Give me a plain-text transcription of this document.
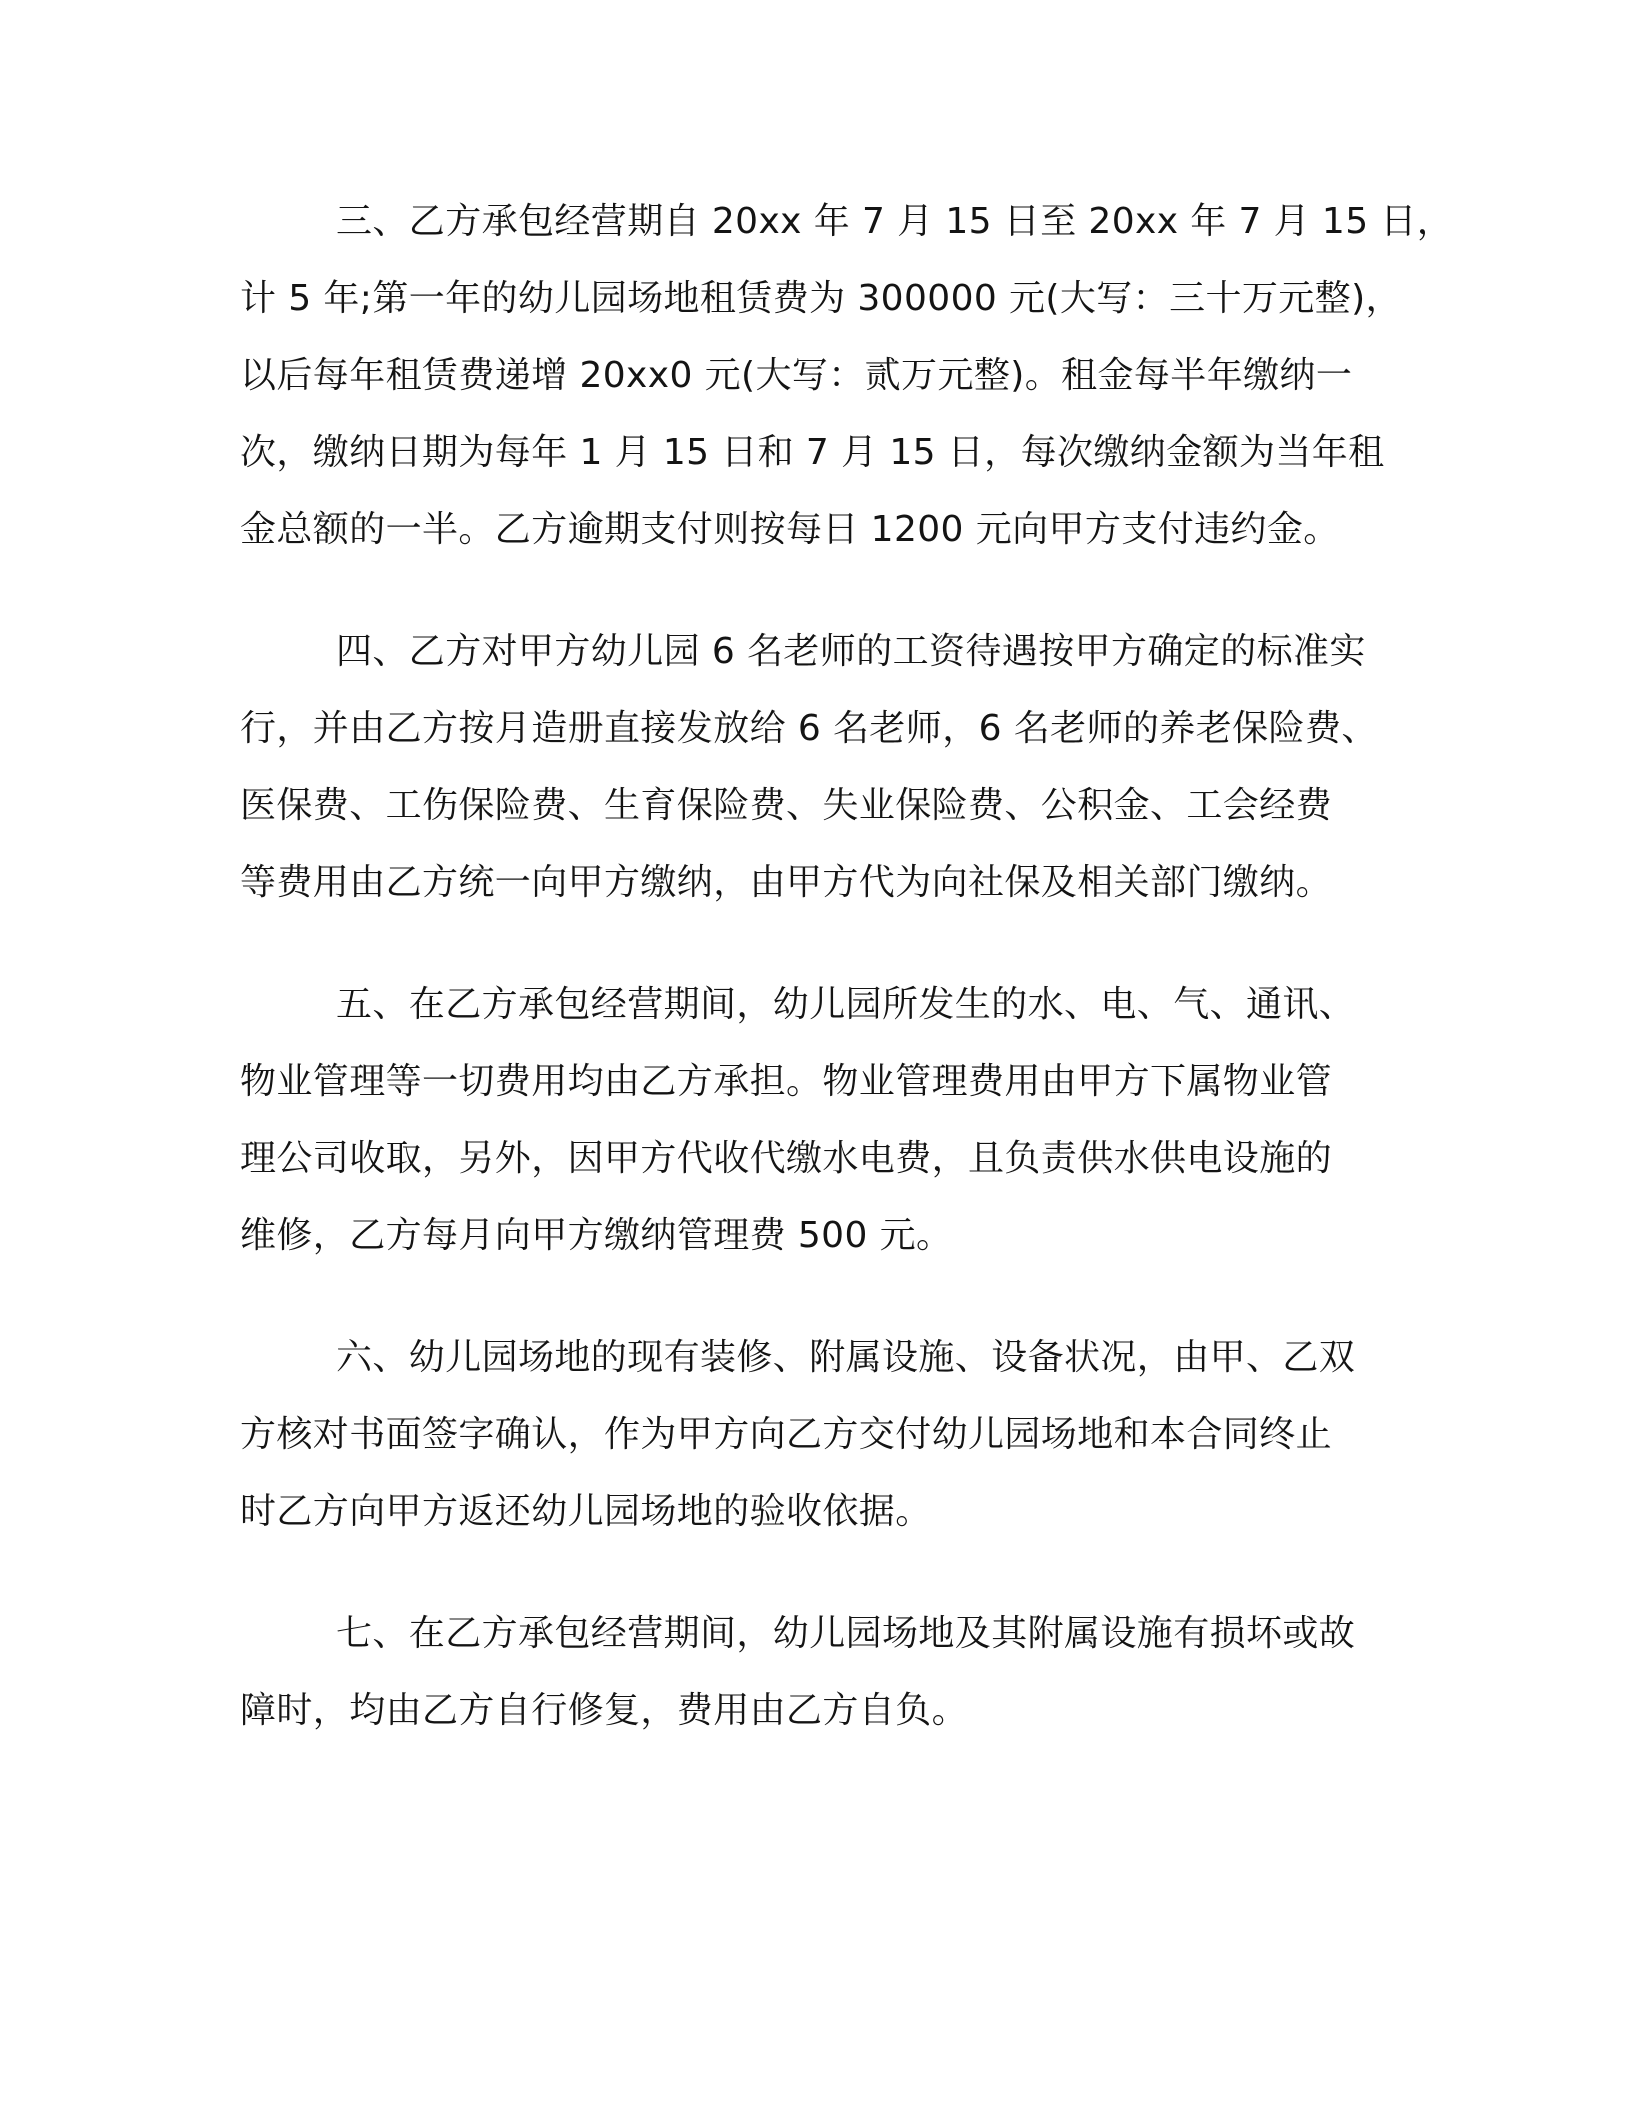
三、乙方承包经营期自 20xx 年 7 月 15 日至 20xx 年 7 月 15 日，
计 5 年;第一年的幼儿园场地租赁费为 300000 元(大写：三十万元整)，
以后每年租赁费递增 20xx0 元(大写：贰万元整)。租金每半年缴纳一
次，缴纳日期为每年 1 月 15 日和 7 月 15 日，每次缴纳金额为当年租
金总额的一半。乙方逾期支付则按每日 1200 元向甲方支付违约金。

四、乙方对甲方幼儿园 6 名老师的工资待遇按甲方确定的标准实
行，并由乙方按月造册直接发放给 6 名老师，6 名老师的养老保险费、
医保费、工伤保险费、生育保险费、失业保险费、公积金、工会经费
等费用由乙方统一向甲方缴纳，由甲方代为向社保及相关部门缴纳。

五、在乙方承包经营期间，幼儿园所发生的水、电、气、通讯、
物业管理等一切费用均由乙方承担。物业管理费用由甲方下属物业管
理公司收取，另外，因甲方代收代缴水电费，且负责供水供电设施的
维修，乙方每月向甲方缴纳管理费 500 元。

六、幼儿园场地的现有装修、附属设施、设备状况，由甲、乙双
方核对书面签字确认，作为甲方向乙方交付幼儿园场地和本合同终止
时乙方向甲方返还幼儿园场地的验收依据。

七、在乙方承包经营期间，幼儿园场地及其附属设施有损坏或故
障时，均由乙方自行修复，费用由乙方自负。
